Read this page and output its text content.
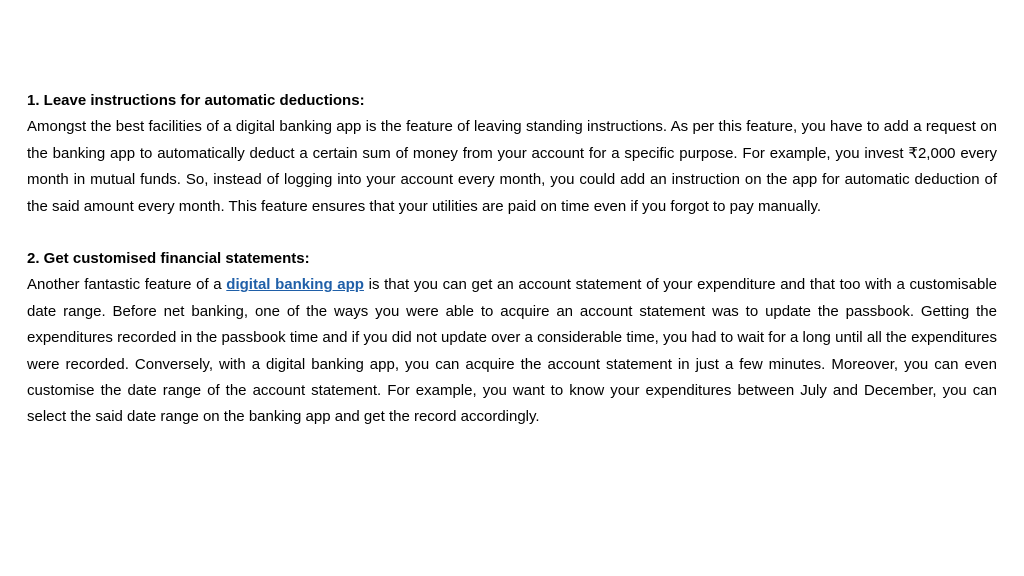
1. Leave instructions for automatic deductions:

Amongst the best facilities of a digital banking app is the feature of leaving standing instructions. As per this feature, you have to add a request on the banking app to automatically deduct a certain sum of money from your account for a specific purpose. For example, you invest ₹2,000 every month in mutual funds. So, instead of logging into your account every month, you could add an instruction on the app for automatic deduction of the said amount every month. This feature ensures that your utilities are paid on time even if you forgot to pay manually.

2. Get customised financial statements:

Another fantastic feature of a digital banking app is that you can get an account statement of your expenditure and that too with a customisable date range. Before net banking, one of the ways you were able to acquire an account statement was to update the passbook. Getting the expenditures recorded in the passbook time and if you did not update over a considerable time, you had to wait for a long until all the expenditures were recorded. Conversely, with a digital banking app, you can acquire the account statement in just a few minutes. Moreover, you can even customise the date range of the account statement. For example, you want to know your expenditures between July and December, you can select the said date range on the banking app and get the record accordingly.
